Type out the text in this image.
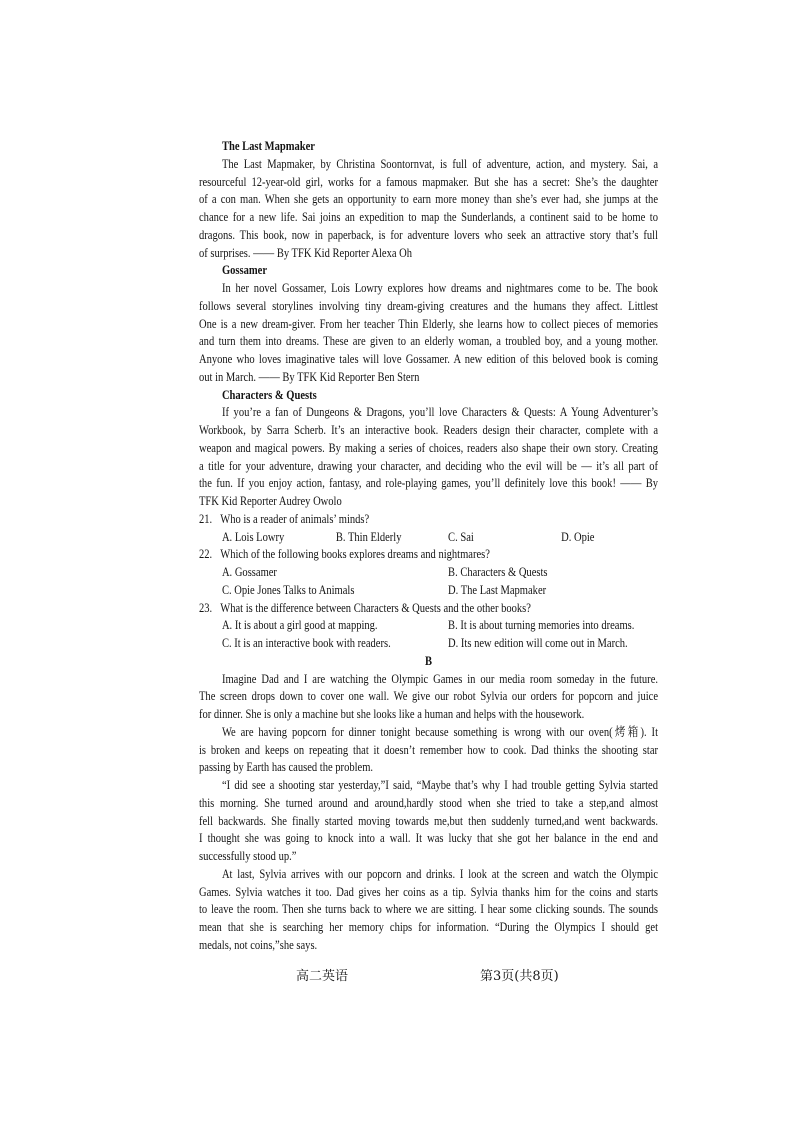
The Last Mapmaker
The Last Mapmaker, by Christina Soontornvat, is full of adventure, action, and mystery. Sai, a
resourceful 12-year-old girl, works for a famous mapmaker. But she has a secret: She’s the daughter
of a con man. When she gets an opportunity to earn more money than she’s ever had, she jumps at the
chance for a new life. Sai joins an expedition to map the Sunderlands, a continent said to be home to
dragons. This book, now in paperback, is for adventure lovers who seek an attractive story that’s full
of surprises. —— By TFK Kid Reporter Alexa Oh
Gossamer
In her novel Gossamer, Lois Lowry explores how dreams and nightmares come to be. The book
follows several storylines involving tiny dream-giving creatures and the humans they affect. Littlest
One is a new dream-giver. From her teacher Thin Elderly, she learns how to collect pieces of memories
and turn them into dreams. These are given to an elderly woman, a troubled boy, and a young mother.
Anyone who loves imaginative tales will love Gossamer. A new edition of this beloved book is coming
out in March. —— By TFK Kid Reporter Ben Stern
Characters & Quests
If you’re a fan of Dungeons & Dragons, you’ll love Characters & Quests: A Young Adventurer’s
Workbook, by Sarra Scherb. It’s an interactive book. Readers design their character, complete with a
weapon and magical powers. By making a series of choices, readers also shape their own story. Creating
a title for your adventure, drawing your character, and deciding who the evil will be — it’s all part of
the fun. If you enjoy action, fantasy, and role-playing games, you’ll definitely love this book! —— By
TFK Kid Reporter Audrey Owolo
21. Who is a reader of animals’ minds?
A. Lois Lowry	B. Thin Elderly	C. Sai	D. Opie
22. Which of the following books explores dreams and nightmares?
A. Gossamer	B. Characters & Quests
C. Opie Jones Talks to Animals	D. The Last Mapmaker
23. What is the difference between Characters & Quests and the other books?
A. It is about a girl good at mapping.	B. It is about turning memories into dreams.
C. It is an interactive book with readers.	D. Its new edition will come out in March.
B
Imagine Dad and I are watching the Olympic Games in our media room someday in the future.
The screen drops down to cover one wall. We give our robot Sylvia our orders for popcorn and juice
for dinner. She is only a machine but she looks like a human and helps with the housework.
We are having popcorn for dinner tonight because something is wrong with our oven(烤箱). It
is broken and keeps on repeating that it doesn’t remember how to cook. Dad thinks the shooting star
passing by Earth has caused the problem.
“I did see a shooting star yesterday,”I said, “Maybe that’s why I had trouble getting Sylvia started
this morning. She turned around and around,hardly stood when she tried to take a step,and almost
fell backwards. She finally started moving towards me,but then suddenly turned,and went backwards.
I thought she was going to knock into a wall. It was lucky that she got her balance in the end and
successfully stood up.”
At last, Sylvia arrives with our popcorn and drinks. I look at the screen and watch the Olympic
Games. Sylvia watches it too. Dad gives her coins as a tip. Sylvia thanks him for the coins and starts
to leave the room. Then she turns back to where we are sitting. I hear some clicking sounds. The sounds
mean that she is searching her memory chips for information. “During the Olympics I should get
medals, not coins,”she says.
高二英语	第3页(共8页)
